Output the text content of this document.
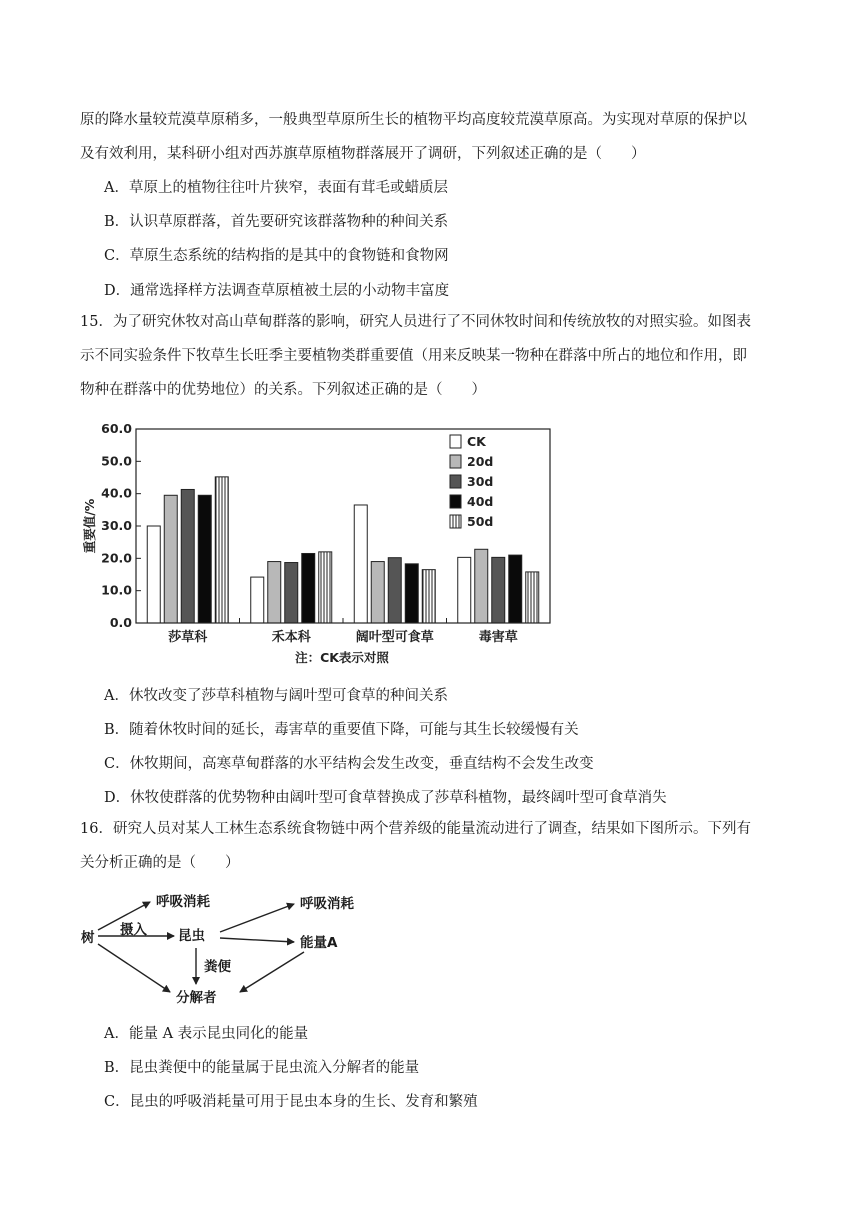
原的降水量较荒漠草原稍多，一般典型草原所生长的植物平均高度较荒漠草原高。为实现对草原的保护以
及有效利用，某科研小组对西苏旗草原植物群落展开了调研，下列叙述正确的是（　　）
A．草原上的植物往往叶片狭窄，表面有茸毛或蜡质层
B．认识草原群落，首先要研究该群落物种的种间关系
C．草原生态系统的结构指的是其中的食物链和食物网
D．通常选择样方法调查草原植被土层的小动物丰富度
15．为了研究休牧对高山草甸群落的影响，研究人员进行了不同休牧时间和传统放牧的对照实验。如图表
示不同实验条件下牧草生长旺季主要植物类群重要值（用来反映某一物种在群落中所占的地位和作用，即
物种在群落中的优势地位）的关系。下列叙述正确的是（　　）
0.0
10.0
20.0
30.0
40.0
50.0
60.0
莎草科	禾本科	阔叶型可食草	毒害草
CK
20d
30d
40d
50d
重要值/%
注：CK表示对照
A．休牧改变了莎草科植物与阔叶型可食草的种间关系
B．随着休牧时间的延长，毒害草的重要值下降，可能与其生长较缓慢有关
C．休牧期间，高寒草甸群落的水平结构会发生改变，垂直结构不会发生改变
D．休牧使群落的优势物种由阔叶型可食草替换成了莎草科植物，最终阔叶型可食草消失
16．研究人员对某人工林生态系统食物链中两个营养级的能量流动进行了调查，结果如下图所示。下列有
关分析正确的是（　　）
树
呼吸消耗
摄入 昆虫
呼吸消耗
能量A
粪便
分解者
A．能量 A 表示昆虫同化的能量
B．昆虫粪便中的能量属于昆虫流入分解者的能量
C．昆虫的呼吸消耗量可用于昆虫本身的生长、发育和繁殖
